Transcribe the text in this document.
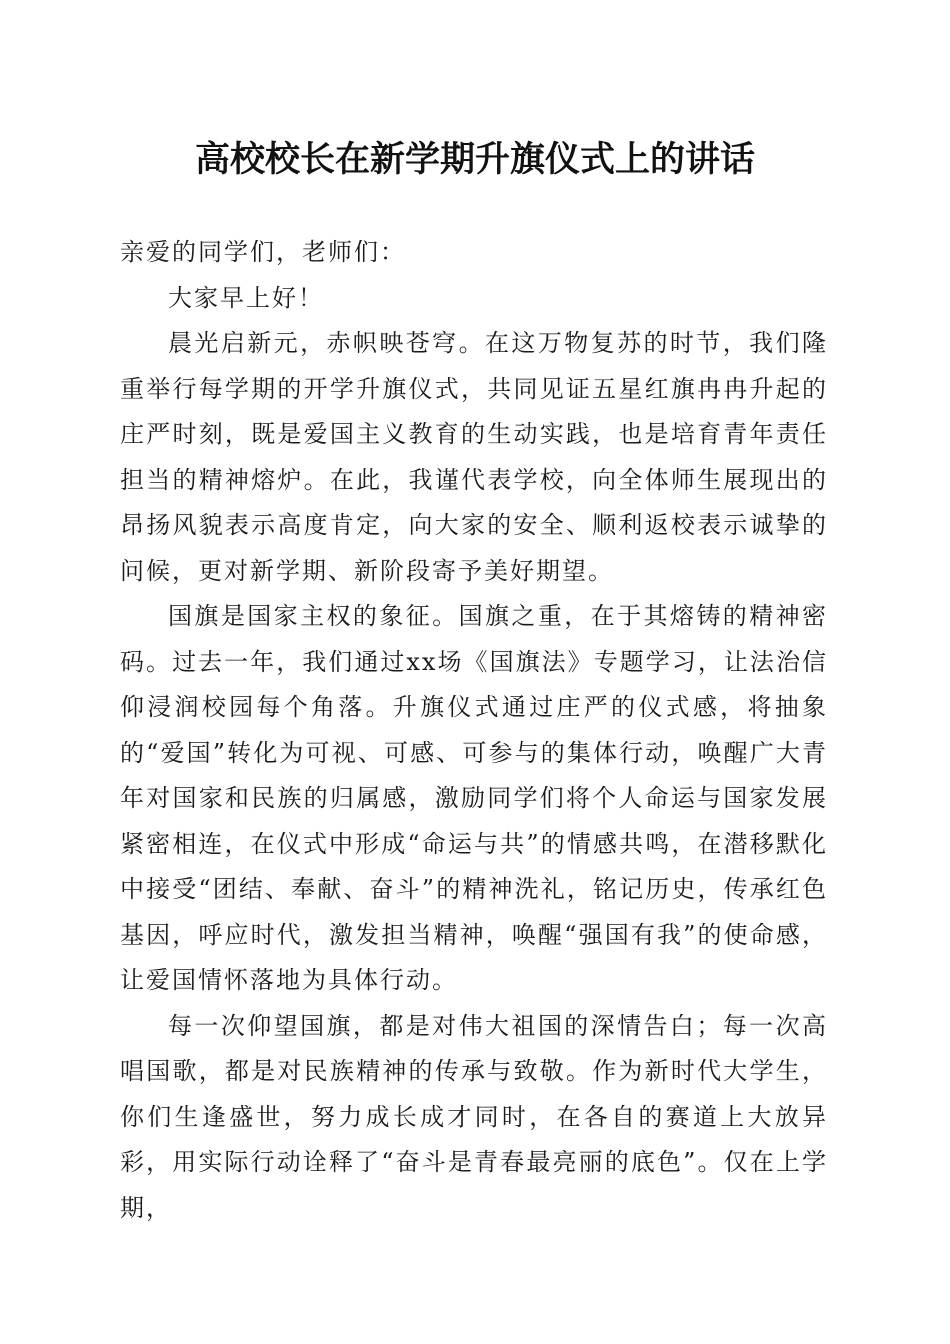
高校校长在新学期升旗仪式上的讲话

亲爱的同学们，老师们：

大家早上好！

晨光启新元，赤帜映苍穹。在这万物复苏的时节，我们隆重举行每学期的开学升旗仪式，共同见证五星红旗冉冉升起的庄严时刻，既是爱国主义教育的生动实践，也是培育青年责任担当的精神熔炉。在此，我谨代表学校，向全体师生展现出的昂扬风貌表示高度肯定，向大家的安全、顺利返校表示诚挚的问候，更对新学期、新阶段寄予美好期望。

国旗是国家主权的象征。国旗之重，在于其熔铸的精神密码。过去一年，我们通过xx场《国旗法》专题学习，让法治信仰浸润校园每个角落。升旗仪式通过庄严的仪式感，将抽象的“爱国”转化为可视、可感、可参与的集体行动，唤醒广大青年对国家和民族的归属感，激励同学们将个人命运与国家发展紧密相连，在仪式中形成“命运与共”的情感共鸣，在潜移默化中接受“团结、奉献、奋斗”的精神洗礼，铭记历史，传承红色基因，呼应时代，激发担当精神，唤醒“强国有我”的使命感，让爱国情怀落地为具体行动。

每一次仰望国旗，都是对伟大祖国的深情告白；每一次高唱国歌，都是对民族精神的传承与致敬。作为新时代大学生，你们生逢盛世，努力成长成才同时，在各自的赛道上大放异彩，用实际行动诠释了“奋斗是青春最亮丽的底色”。仅在上学期，
